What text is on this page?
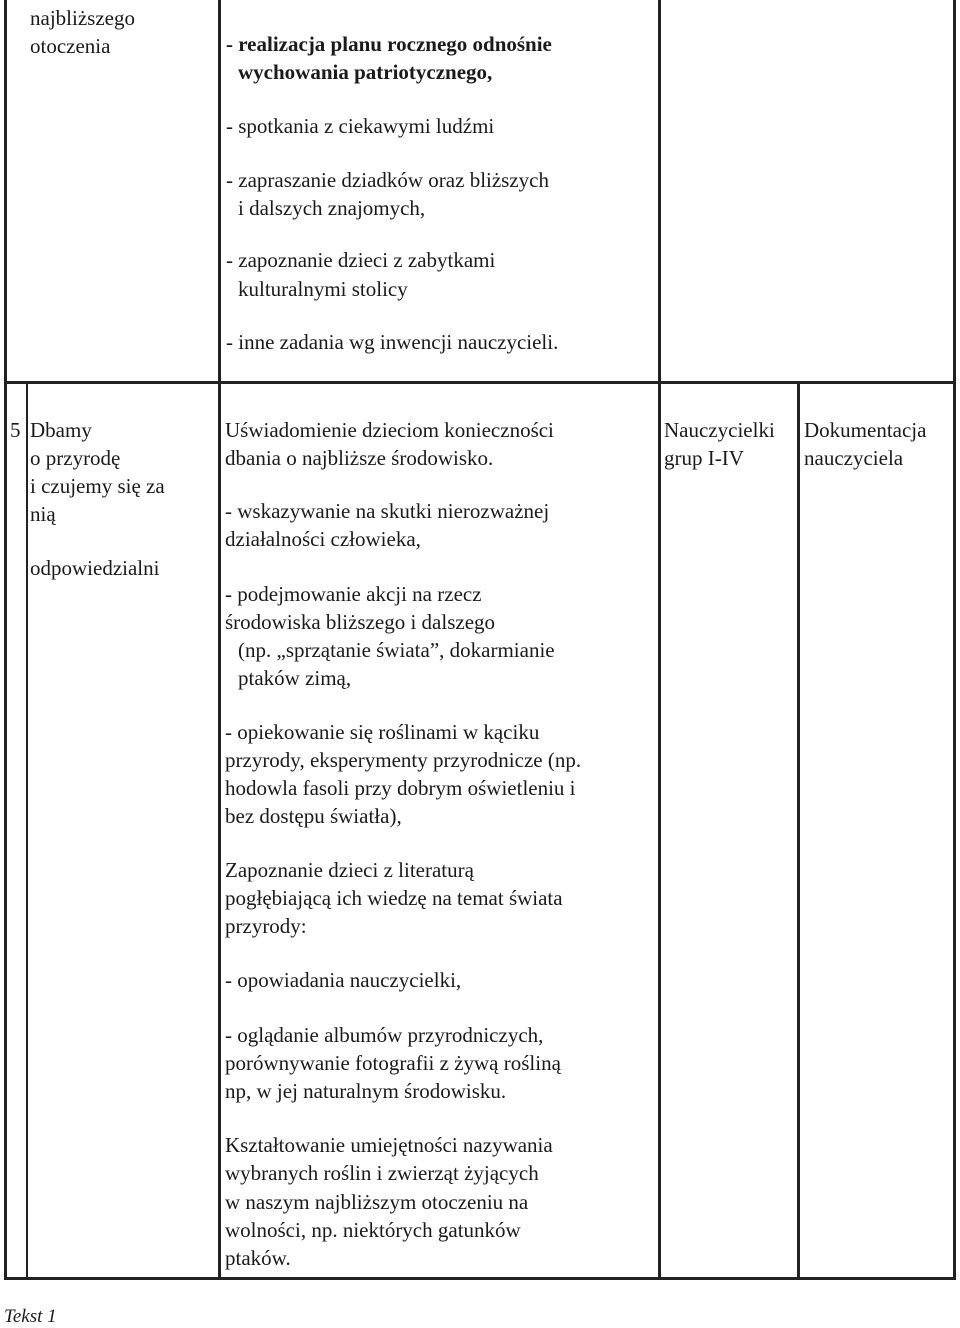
najbliższego
otoczenia	- realizacja planu rocznego odnośnie
wychowania patriotycznego,
- spotkania z ciekawymi ludźmi
- zapraszanie dziadków oraz bliższych
i dalszych znajomych,
- zapoznanie dzieci z zabytkami
kulturalnymi stolicy
- inne zadania wg inwencji nauczycieli.
5 Dbamy
o przyrodę
i czujemy się za
nią
odpowiedzialni
Uświadomienie dzieciom konieczności
dbania o najbliższe środowisko.
- wskazywanie na skutki nierozważnej
działalności człowieka,
- podejmowanie akcji na rzecz
środowiska bliższego i dalszego
(np. „sprzątanie świata”, dokarmianie
ptaków zimą,
- opiekowanie się roślinami w kąciku
przyrody, eksperymenty przyrodnicze (np.
hodowla fasoli przy dobrym oświetleniu i
bez dostępu światła),
Zapoznanie dzieci z literaturą
pogłębiającą ich wiedzę na temat świata
przyrody:
- opowiadania nauczycielki,
- oglądanie albumów przyrodniczych,
porównywanie fotografii z żywą rośliną
np, w jej naturalnym środowisku.
Kształtowanie umiejętności nazywania
wybranych roślin i zwierząt żyjących
w naszym najbliższym otoczeniu na
wolności, np. niektórych gatunków
ptaków.
Nauczycielki
grup I-IV
Dokumentacja
nauczyciela
Tekst 1
